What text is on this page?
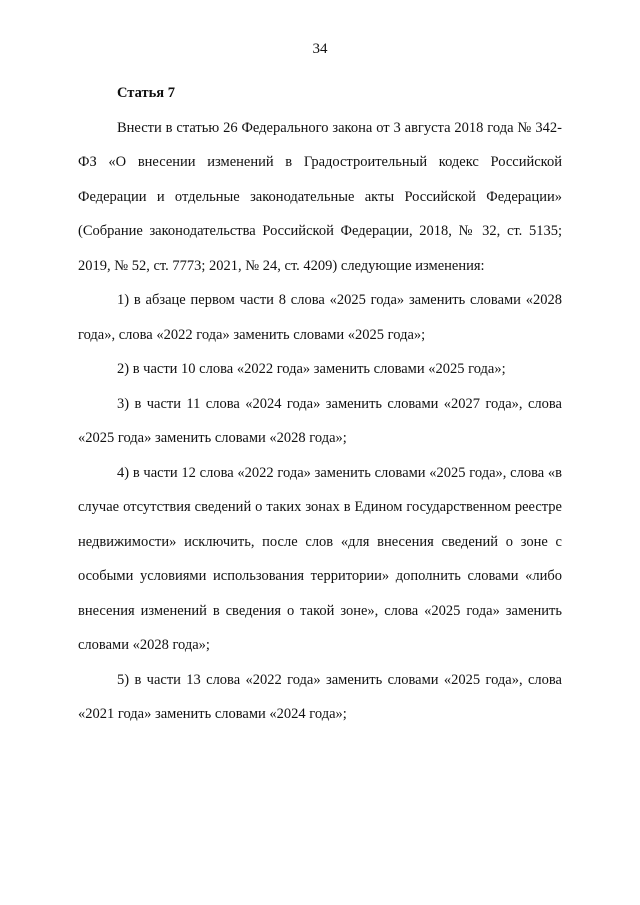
34

Статья 7

Внести в статью 26 Федерального закона от 3 августа 2018 года № 342-ФЗ «О внесении изменений в Градостроительный кодекс Российской Федерации и отдельные законодательные акты Российской Федерации» (Собрание законодательства Российской Федерации, 2018, № 32, ст. 5135; 2019, № 52, ст. 7773; 2021, № 24, ст. 4209) следующие изменения:

1) в абзаце первом части 8 слова «2025 года» заменить словами «2028 года», слова «2022 года» заменить словами «2025 года»;

2) в части 10 слова «2022 года» заменить словами «2025 года»;

3) в части 11 слова «2024 года» заменить словами «2027 года», слова «2025 года» заменить словами «2028 года»;

4) в части 12 слова «2022 года» заменить словами «2025 года», слова «в случае отсутствия сведений о таких зонах в Едином государственном реестре недвижимости» исключить, после слов «для внесения сведений о зоне с особыми условиями использования территории» дополнить словами «либо внесения изменений в сведения о такой зоне», слова «2025 года» заменить словами «2028 года»;

5) в части 13 слова «2022 года» заменить словами «2025 года», слова «2021 года» заменить словами «2024 года»;
